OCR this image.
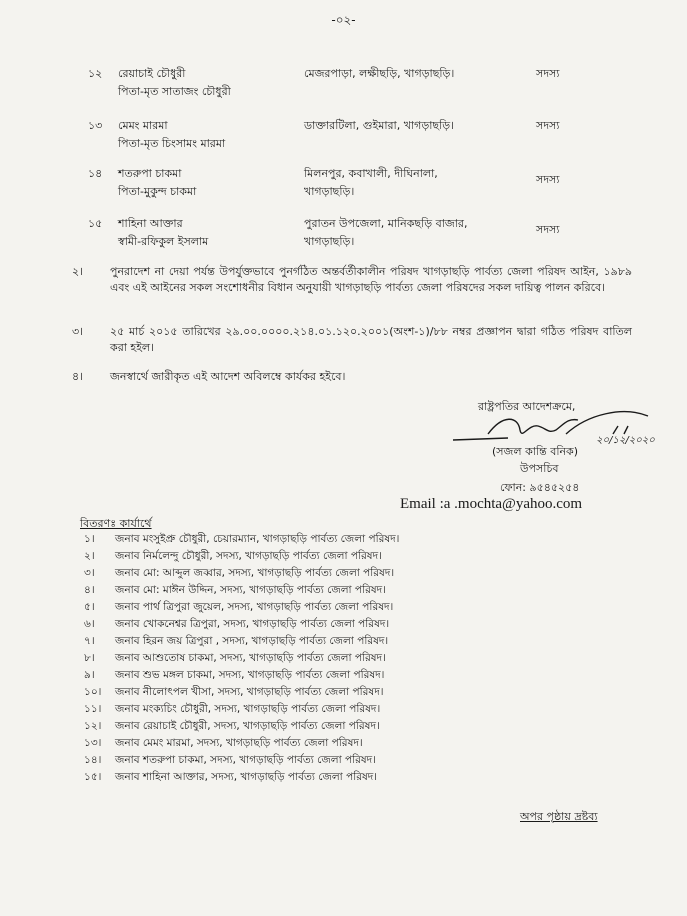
-০২-
১২ রেয়াচাই চৌধুরী
পিতা-মৃত সাতাজং চৌধুরী
মেজরপাড়া, লক্ষীছড়ি, খাগড়াছড়ি।	সদস্য
১৩ মেমং মারমা
পিতা-মৃত চিংসামং মারমা
ডাক্তারটিলা, গুইমারা, খাগড়াছড়ি।	সদস্য
১৪ শতরুপা চাকমা
পিতা-মুকুন্দ চাকমা
মিলনপুর, কবাখালী, দীঘিনালা,
খাগড়াছড়ি।
সদস্য
১৫ শাহিনা আক্তার
স্বামী-রফিকুল ইসলাম
পুরাতন উপজেলা, মানিকছড়ি বাজার,
খাগড়াছড়ি।
সদস্য
২। পুনরাদেশ না দেয়া পর্যন্ত উপর্যুক্তভাবে পুনর্গঠিত অন্তর্বর্তীকালীন পরিষদ খাগড়াছড়ি পার্বত্য জেলা পরিষদ আইন, ১৯৮৯ এবং এই আইনের সকল সংশোধনীর বিধান অনুযায়ী খাগড়াছড়ি পার্বত্য জেলা পরিষদের সকল দায়িত্ব পালন করিবে।
৩। ২৫ মার্চ ২০১৫ তারিখের ২৯.০০.০০০০.২১৪.০১.১২০.২০০১(অংশ-১)/৮৮ নম্বর প্রজ্ঞাপন দ্বারা গঠিত পরিষদ বাতিল করা হইল।
৪। জনস্বার্থে জারীকৃত এই আদেশ অবিলম্বে কার্যকর হইবে।
রাষ্ট্রপতির আদেশক্রমে,
২০/১২/২০২০
(সজল কান্তি বনিক)
উপসচিব
ফোন: ৯৫৪৫২৫৪
Email :a .mochta@yahoo.com
বিতরণঃ কার্যার্থে
১।	জনাব মংসুইপ্রু চৌধুরী, চেয়ারম্যান, খাগড়াছড়ি পার্বত্য জেলা পরিষদ।
২।	জনাব নির্মলেন্দু চৌধুরী, সদস্য, খাগড়াছড়ি পার্বত্য জেলা পরিষদ।
৩।	জনাব মো: আব্দুল জব্বার, সদস্য, খাগড়াছড়ি পার্বত্য জেলা পরিষদ।
৪।	জনাব মো: মাঈন উদ্দিন, সদস্য, খাগড়াছড়ি পার্বত্য জেলা পরিষদ।
৫।	জনাব পার্থ ত্রিপুরা জুয়েল, সদস্য, খাগড়াছড়ি পার্বত্য জেলা পরিষদ।
৬।	জনাব খোকনেশ্বর ত্রিপুরা, সদস্য, খাগড়াছড়ি পার্বত্য জেলা পরিষদ।
৭।	জনাব হিরন জয় ত্রিপুরা , সদস্য, খাগড়াছড়ি পার্বত্য জেলা পরিষদ।
৮।	জনাব আশুতোষ চাকমা, সদস্য, খাগড়াছড়ি পার্বত্য জেলা পরিষদ।
৯।	জনাব শুভ মঙ্গল চাকমা, সদস্য, খাগড়াছড়ি পার্বত্য জেলা পরিষদ।
১০।	জনাব নীলোৎপল খীসা, সদস্য, খাগড়াছড়ি পার্বত্য জেলা পরিষদ।
১১।	জনাব মংক্যচিং চৌধুরী, সদস্য, খাগড়াছড়ি পার্বত্য জেলা পরিষদ।
১২।	জনাব রেয়াচাই চৌধুরী, সদস্য, খাগড়াছড়ি পার্বত্য জেলা পরিষদ।
১৩।	জনাব মেমং মারমা, সদস্য, খাগড়াছড়ি পার্বত্য জেলা পরিষদ।
১৪।	জনাব শতরুপা চাকমা, সদস্য, খাগড়াছড়ি পার্বত্য জেলা পরিষদ।
১৫।	জনাব শাহিনা আক্তার, সদস্য, খাগড়াছড়ি পার্বত্য জেলা পরিষদ।
অপর পৃষ্ঠায় দ্রষ্টব্য
